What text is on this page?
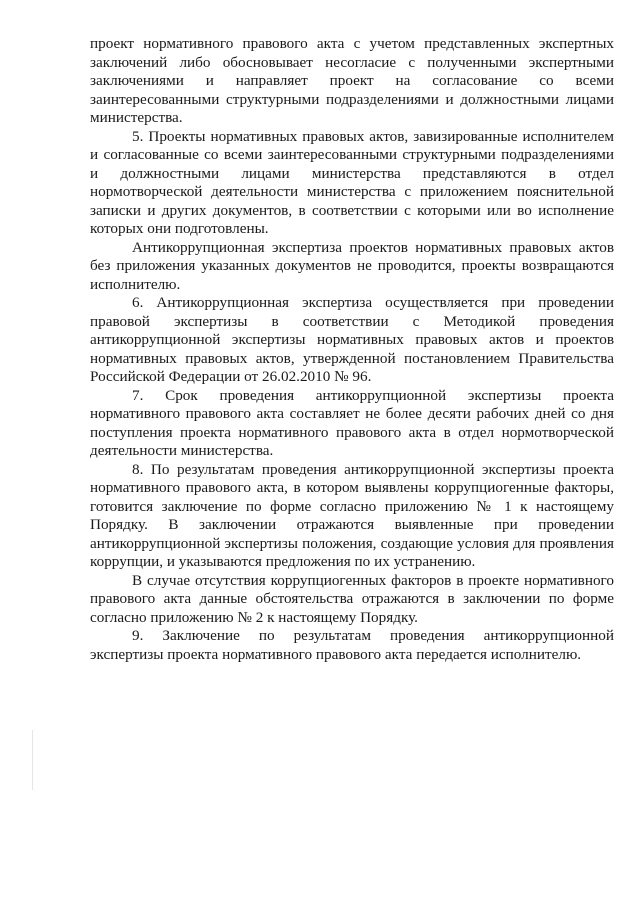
проект нормативного правового акта с учетом представленных экспертных заключений либо обосновывает несогласие с полученными экспертными заключениями и направляет проект на согласование со всеми заинтересованными структурными подразделениями и должностными лицами министерства.

5. Проекты нормативных правовых актов, завизированные исполнителем и согласованные со всеми заинтересованными структурными подразделениями и должностными лицами министерства представляются в отдел нормотворческой деятельности министерства с приложением пояснительной записки и других документов, в соответствии с которыми или во исполнение которых они подготовлены.

Антикоррупционная экспертиза проектов нормативных правовых актов без приложения указанных документов не проводится, проекты возвращаются исполнителю.

6. Антикоррупционная экспертиза осуществляется при проведении правовой экспертизы в соответствии с Методикой проведения антикоррупционной экспертизы нормативных правовых актов и проектов нормативных правовых актов, утвержденной постановлением Правительства Российской Федерации от 26.02.2010 № 96.

7. Срок проведения антикоррупционной экспертизы проекта нормативного правового акта составляет не более десяти рабочих дней со дня поступления проекта нормативного правового акта в отдел нормотворческой деятельности министерства.

8. По результатам проведения антикоррупционной экспертизы проекта нормативного правового акта, в котором выявлены коррупциогенные факторы, готовится заключение по форме согласно приложению № 1 к настоящему Порядку. В заключении отражаются выявленные при проведении антикоррупционной экспертизы положения, создающие условия для проявления коррупции, и указываются предложения по их устранению.

В случае отсутствия коррупциогенных факторов в проекте нормативного правового акта данные обстоятельства отражаются в заключении по форме согласно приложению № 2 к настоящему Порядку.

9. Заключение по результатам проведения антикоррупционной экспертизы проекта нормативного правового акта передается исполнителю.
